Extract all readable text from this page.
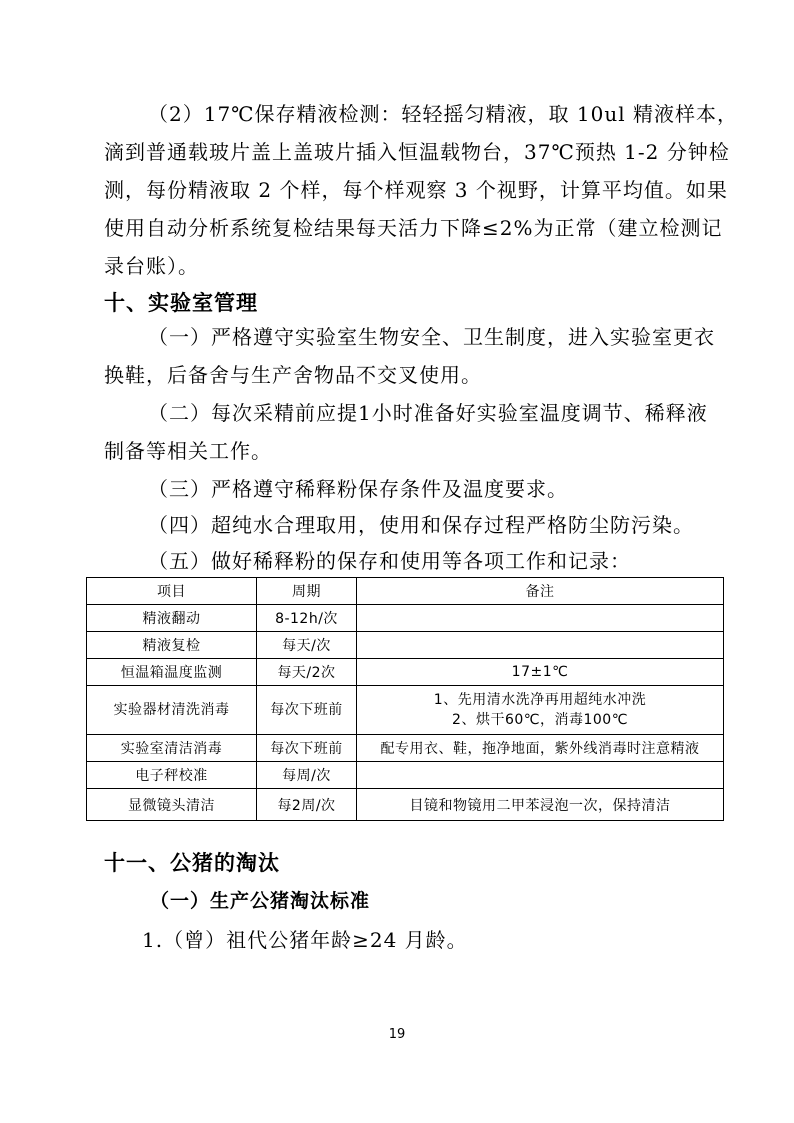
（2）17℃保存精液检测：轻轻摇匀精液，取 10ul 精液样本，
滴到普通载玻片盖上盖玻片插入恒温载物台，37℃预热 1-2 分钟检
测，每份精液取 2 个样，每个样观察 3 个视野，计算平均值。如果
使用自动分析系统复检结果每天活力下降≤2%为正常（建立检测记
录台账）。
十、实验室管理
（一）严格遵守实验室生物安全、卫生制度，进入实验室更衣
换鞋，后备舍与生产舍物品不交叉使用。
（二）每次采精前应提1小时准备好实验室温度调节、稀释液
制备等相关工作。
（三）严格遵守稀释粉保存条件及温度要求。
（四）超纯水合理取用，使用和保存过程严格防尘防污染。
（五）做好稀释粉的保存和使用等各项工作和记录：
项目	周期	备注
精液翻动	8-12h/次	
精液复检	每天/次	
恒温箱温度监测	每天/2次	17±1℃
实验器材清洗消毒	每次下班前	1、先用清水洗净再用超纯水冲洗
2、烘干60℃，消毒100℃
实验室清洁消毒	每次下班前	配专用衣、鞋，拖净地面，紫外线消毒时注意精液
电子秤校准	每周/次	
显微镜头清洁	每2周/次	目镜和物镜用二甲苯浸泡一次，保持清洁
十一、公猪的淘汰
（一）生产公猪淘汰标准
1.（曾）祖代公猪年龄≥24 月龄。
19
